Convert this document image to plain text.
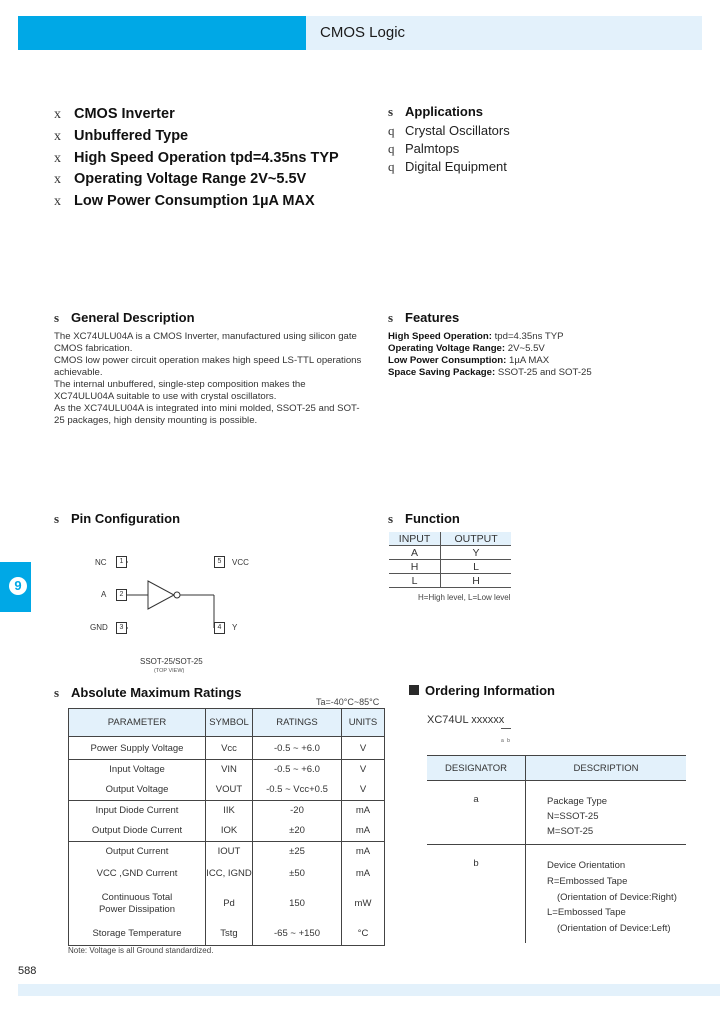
CMOS Logic
x CMOS Inverter
x Unbuffered Type
x High Speed Operation tpd=4.35ns TYP
x Operating Voltage Range 2V~5.5V
x Low Power Consumption 1µA MAX
s Applications
q Crystal Oscillators
q Palmtops
q Digital Equipment
s General Description

The XC74ULU04A is a CMOS Inverter, manufactured using silicon gate CMOS fabrication.

CMOS low power circuit operation makes high speed LS-TTL operations achievable.

The internal unbuffered, single-step composition makes the XC74ULU04A suitable to use with crystal oscillators.

As the XC74ULU04A is integrated into mini molded, SSOT-25 and SOT-25 packages, high density mounting is possible.

s Features
High Speed Operation: tpd=4.35ns TYP
Operating Voltage Range: 2V~5.5V
Low Power Consumption: 1µA MAX
Space Saving Package: SSOT-25 and SOT-25
s Pin Configuration
NC
A
GND
1
2
3
5
4
VCC
Y
SSOT-25/SOT-25
(TOP VIEW)
s Function
INPUT	OUTPUT
A	Y
H	L
L	H
H=High level, L=Low level
s Absolute Maximum Ratings
Ta=-40°C~85°C
PARAMETER	SYMBOL	RATINGS	UNITS
Power Supply Voltage	Vcc	-0.5 ~ +6.0	V
Input Voltage	VIN	-0.5 ~ +6.0	V
Output Voltage	VOUT	-0.5 ~ Vcc+0.5	V
Input Diode Current	IIK	-20	mA
Output Diode Current	IOK	±20	mA
Output Current	IOUT	±25	mA
VCC ,GND Current	ICC, IGND	±50	mA
Continuous Total Power Dissipation	Pd	150	mW
Storage Temperature	Tstg	-65 ~ +150	°C
Note: Voltage is all Ground standardized.
Ordering Information
XC74UL xxxxxx
a b
DESIGNATOR	DESCRIPTION
a	Package Type
N=SSOT-25
M=SOT-25

b	Device Orientation
R=Embossed Tape
(Orientation of Device:Right)
L=Embossed Tape
(Orientation of Device:Left)
9
588
